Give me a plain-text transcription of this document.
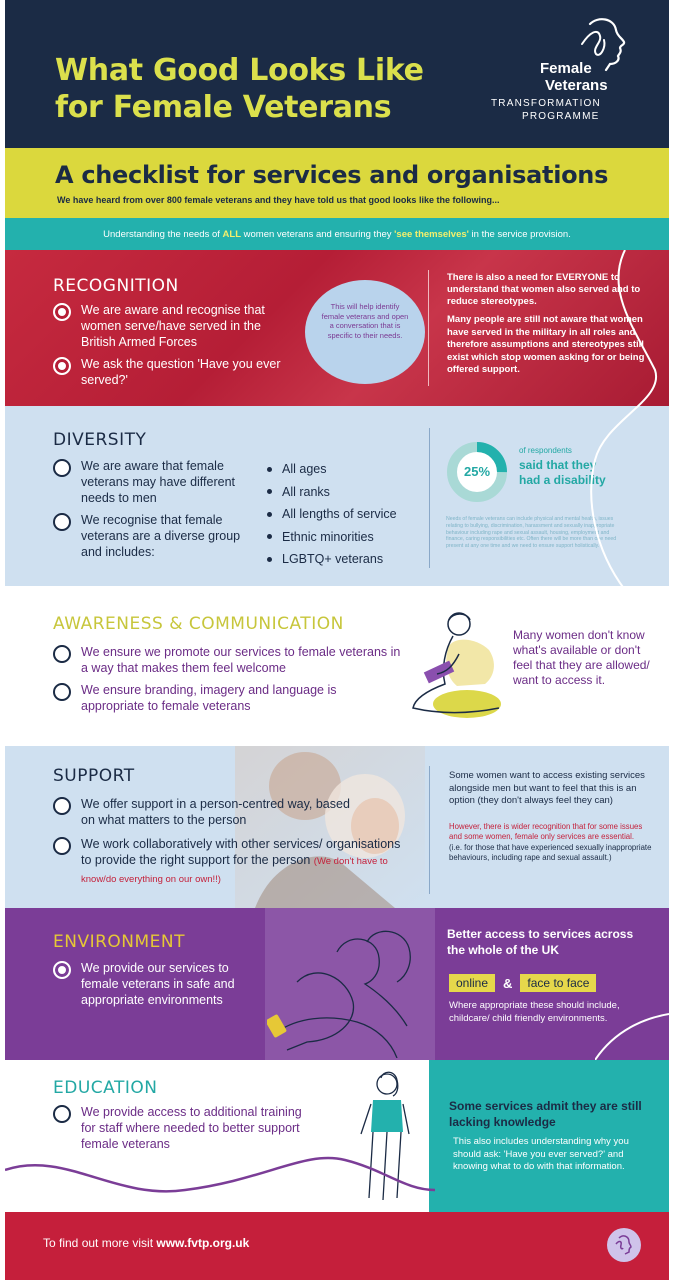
What Good Looks Like
for Female Veterans
Female
Veterans
TRANSFORMATION
PROGRAMME
A checklist for services and organisations
We have heard from over 800 female veterans and they have told us that good looks like the following...
Understanding the needs of ALL women veterans and ensuring they 'see themselves' in the service provision.
RECOGNITION
We are aware and recognise that women serve/have served in the British Armed Forces
We ask the question 'Have you ever served?'
This will help identify female veterans and open a conversation that is specific to their needs.
There is also a need for EVERYONE to understand that women also served and to reduce stereotypes.
Many people are still not aware that women have served in the military in all roles and therefore assumptions and stereotypes still exist which stop women asking for or being offered support.
DIVERSITY
We are aware that female veterans may have different needs to men
We recognise that female veterans are a diverse group and includes:
All ages
All ranks
All lengths of service
Ethnic minorities
LGBTQ+ veterans
25%
of respondents
said that they had a disability
Needs of female veterans can include physical and mental health, issues relating to bullying, discrimination, harassment and sexually inappropriate behaviour including rape and sexual assault, housing, employment and finance, caring responsibilities etc. Often there will be more than one need present at any one time and we need to ensure support holistically.
AWARENESS & COMMUNICATION
We ensure we promote our services to female veterans in a way that makes them feel welcome
We ensure branding, imagery and language is appropriate to female veterans
Many women don't know what's available or don't feel that they are allowed/ want to access it.
SUPPORT
We offer support in a person-centred way, based on what matters to the person
We work collaboratively with other services/ organisations to provide the right support for the person (We don't have to know/do everything on our own!!)
Some women want to access existing services alongside men but want to feel that this is an option (they don't always feel they can)
However, there is wider recognition that for some issues and some women, female only services are essential.
(i.e. for those that have experienced sexually inappropriate behaviours, including rape and sexual assault.)
ENVIRONMENT
We provide our services to female veterans in safe and appropriate environments
Better access to services across the whole of the UK
online	&	face to face
Where appropriate these should include, childcare/ child friendly environments.
EDUCATION
We provide access to additional training for staff where needed to better support female veterans
Some services admit they are still lacking knowledge
This also includes understanding why you should ask: 'Have you ever served?' and knowing what to do with that information.
To find out more visit www.fvtp.org.uk
